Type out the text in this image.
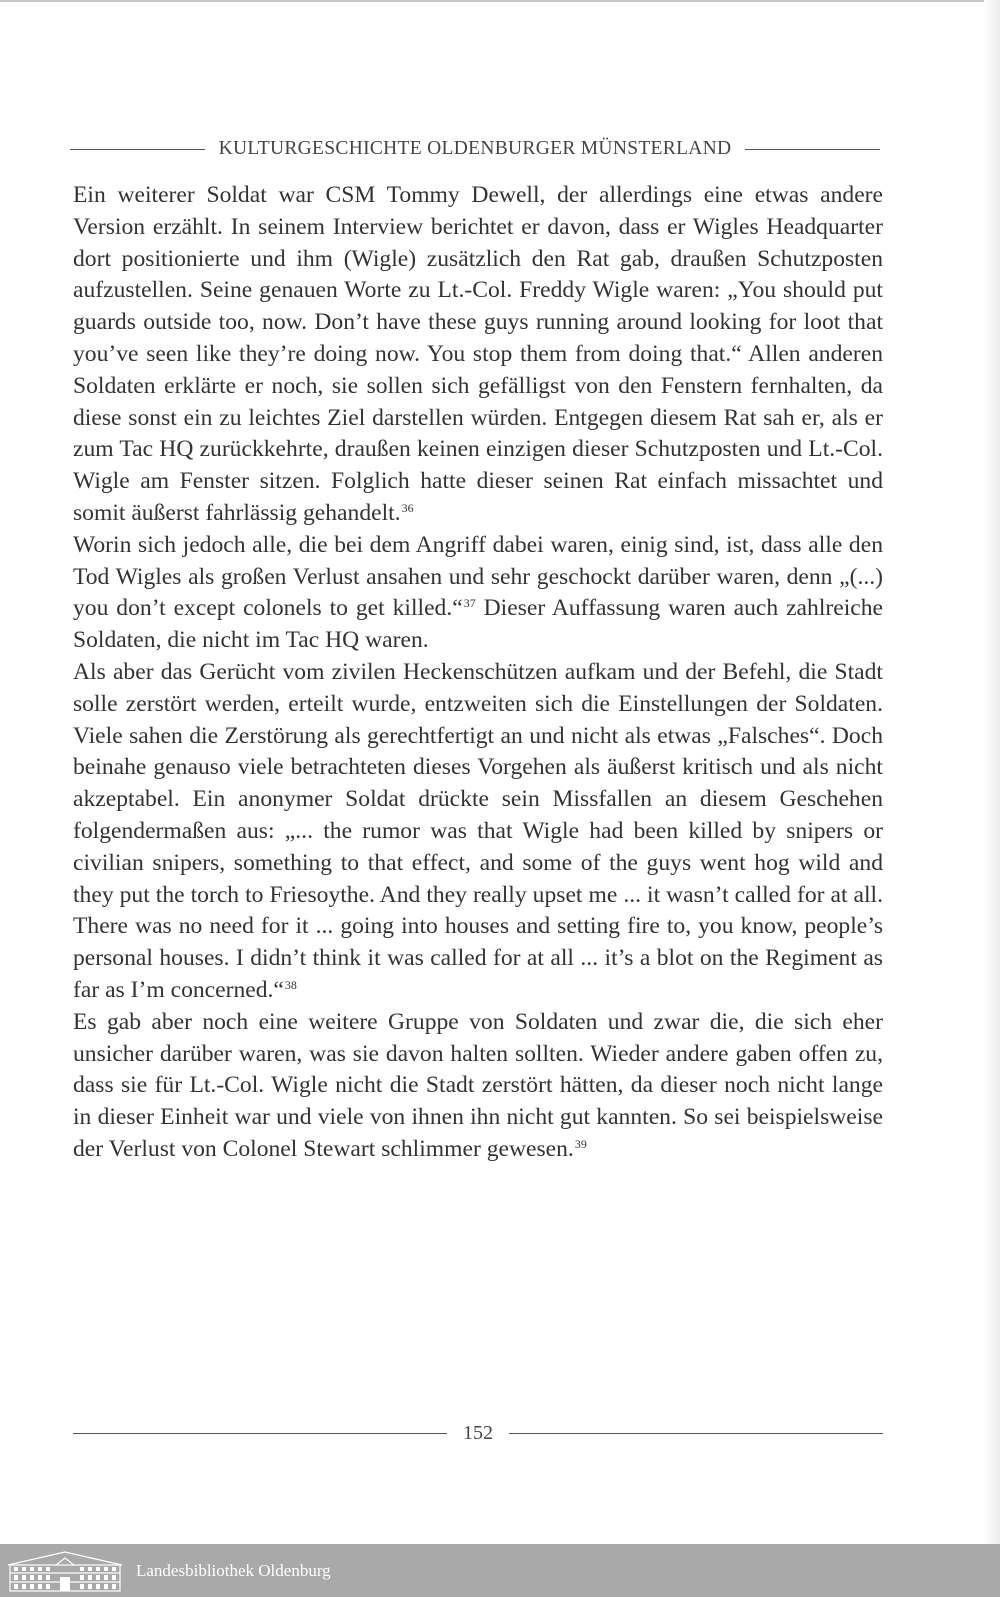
KULTURGESCHICHTE OLDENBURGER MÜNSTERLAND

Ein weiterer Soldat war CSM Tommy Dewell, der allerdings eine etwas andere Version erzählt. In seinem Interview berichtet er davon, dass er Wigles Headquarter dort positionierte und ihm (Wigle) zusätzlich den Rat gab, draußen Schutzposten aufzustellen. Seine genauen Worte zu Lt.-Col. Freddy Wigle waren: „You should put guards outside too, now. Don’t have these guys running around looking for loot that you’ve seen like they’re doing now. You stop them from doing that.“ Allen anderen Soldaten erklärte er noch, sie sollen sich gefälligst von den Fenstern fernhalten, da diese sonst ein zu leichtes Ziel darstellen würden. Entgegen diesem Rat sah er, als er zum Tac HQ zurückkehrte, draußen keinen einzigen dieser Schutzposten und Lt.-Col. Wigle am Fenster sitzen. Folglich hatte dieser seinen Rat einfach missachtet und somit äußerst fahrlässig gehandelt.$^{36}$

Worin sich jedoch alle, die bei dem Angriff dabei waren, einig sind, ist, dass alle den Tod Wigles als großen Verlust ansahen und sehr geschockt darüber waren, denn „(...) you don’t except colonels to get killed.“$^{37}$ Dieser Auffassung waren auch zahlreiche Soldaten, die nicht im Tac HQ waren.

Als aber das Gerücht vom zivilen Heckenschützen aufkam und der Befehl, die Stadt solle zerstört werden, erteilt wurde, entzweiten sich die Einstellungen der Soldaten. Viele sahen die Zerstörung als gerechtfertigt an und nicht als etwas „Falsches“. Doch beinahe genauso viele betrachteten dieses Vorgehen als äußerst kritisch und als nicht akzeptabel. Ein anonymer Soldat drückte sein Missfallen an diesem Geschehen folgendermaßen aus: „... the rumor was that Wigle had been killed by snipers or civilian snipers, something to that effect, and some of the guys went hog wild and they put the torch to Friesoythe. And they really upset me ... it wasn’t called for at all. There was no need for it ... going into houses and setting fire to, you know, people’s personal houses. I didn’t think it was called for at all ... it’s a blot on the Regiment as far as I’m concerned.“$^{38}$

Es gab aber noch eine weitere Gruppe von Soldaten und zwar die, die sich eher unsicher darüber waren, was sie davon halten sollten. Wieder andere gaben offen zu, dass sie für Lt.-Col. Wigle nicht die Stadt zerstört hätten, da dieser noch nicht lange in dieser Einheit war und viele von ihnen ihn nicht gut kannten. So sei beispielsweise der Verlust von Colonel Stewart schlimmer gewesen.$^{39}$

152
Landesbibliothek Oldenburg
